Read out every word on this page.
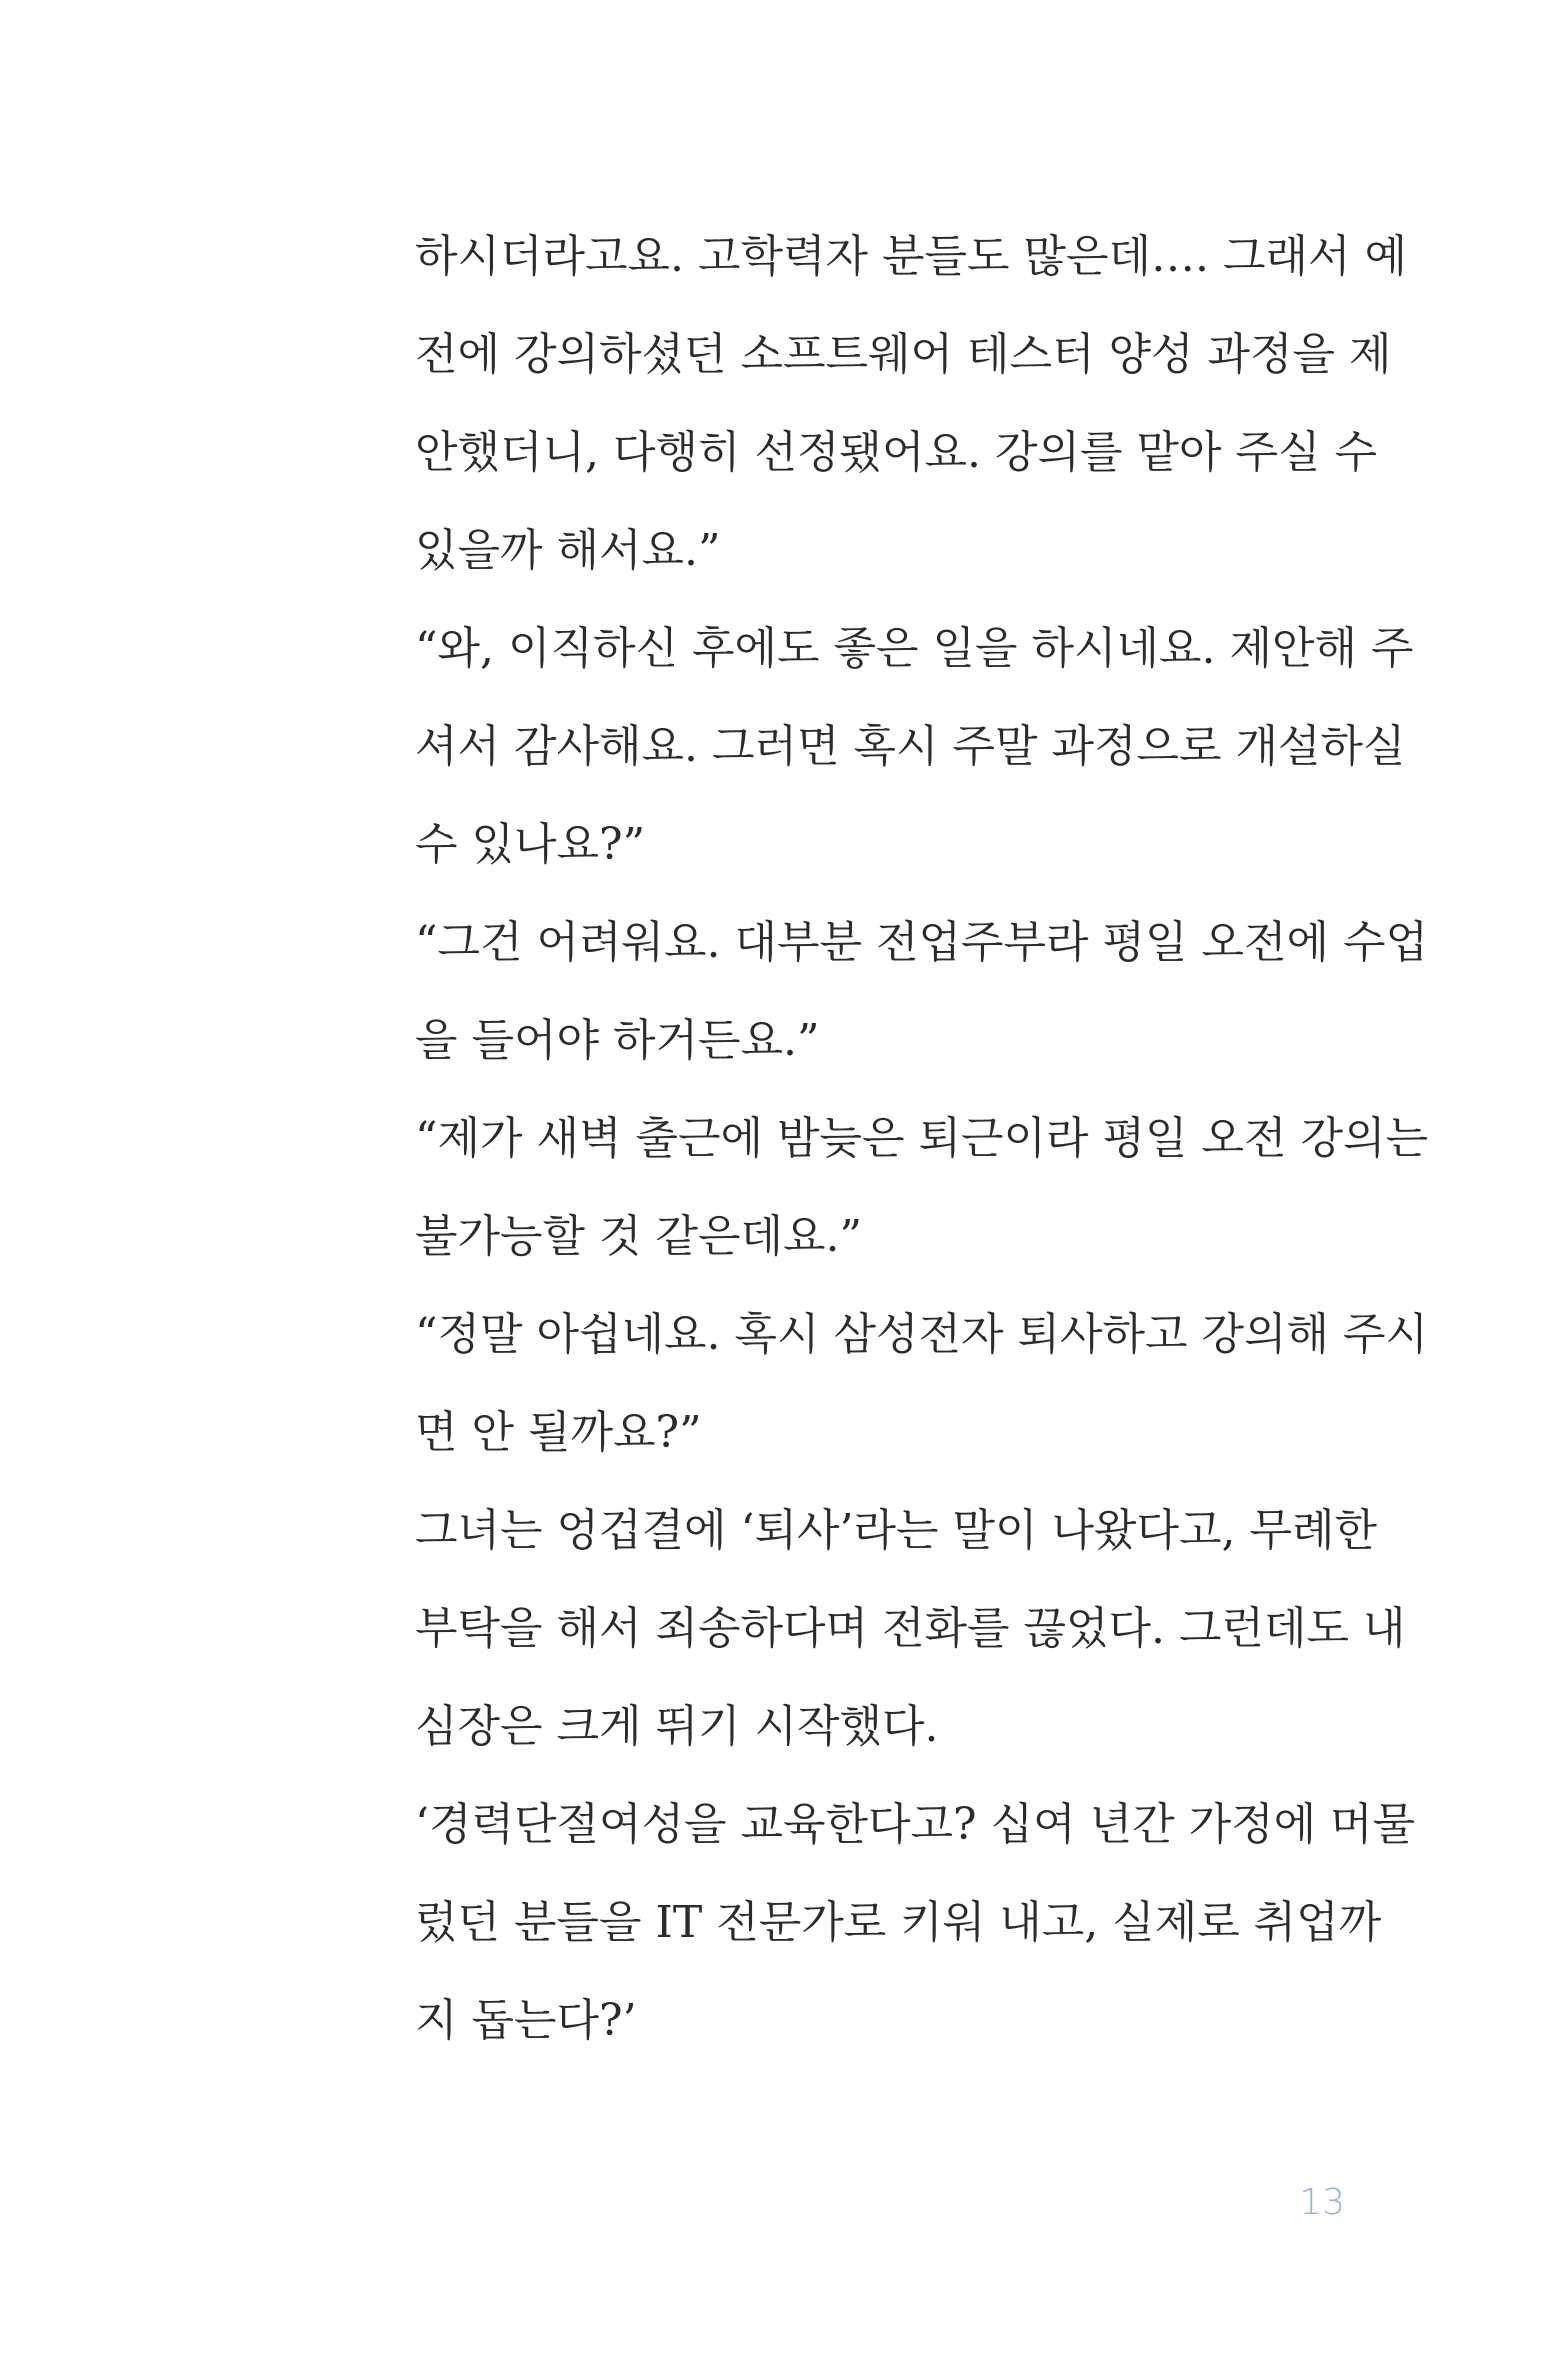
하시더라고요. 고학력자 분들도 많은데…. 그래서 예
전에 강의하셨던 소프트웨어 테스터 양성 과정을 제
안했더니, 다행히 선정됐어요. 강의를 맡아 주실 수
있을까 해서요.”
“와, 이직하신 후에도 좋은 일을 하시네요. 제안해 주
셔서 감사해요. 그러면 혹시 주말 과정으로 개설하실
수 있나요?”
“그건 어려워요. 대부분 전업주부라 평일 오전에 수업
을 들어야 하거든요.”
“제가 새벽 출근에 밤늦은 퇴근이라 평일 오전 강의는
불가능할 것 같은데요.”
“정말 아쉽네요. 혹시 삼성전자 퇴사하고 강의해 주시
면 안 될까요?”
그녀는 엉겁결에 ‘퇴사’라는 말이 나왔다고, 무례한
부탁을 해서 죄송하다며 전화를 끊었다. 그런데도 내
심장은 크게 뛰기 시작했다.
‘경력단절여성을 교육한다고? 십여 년간 가정에 머물
렀던 분들을 IT 전문가로 키워 내고, 실제로 취업까
지 돕는다?’
13
